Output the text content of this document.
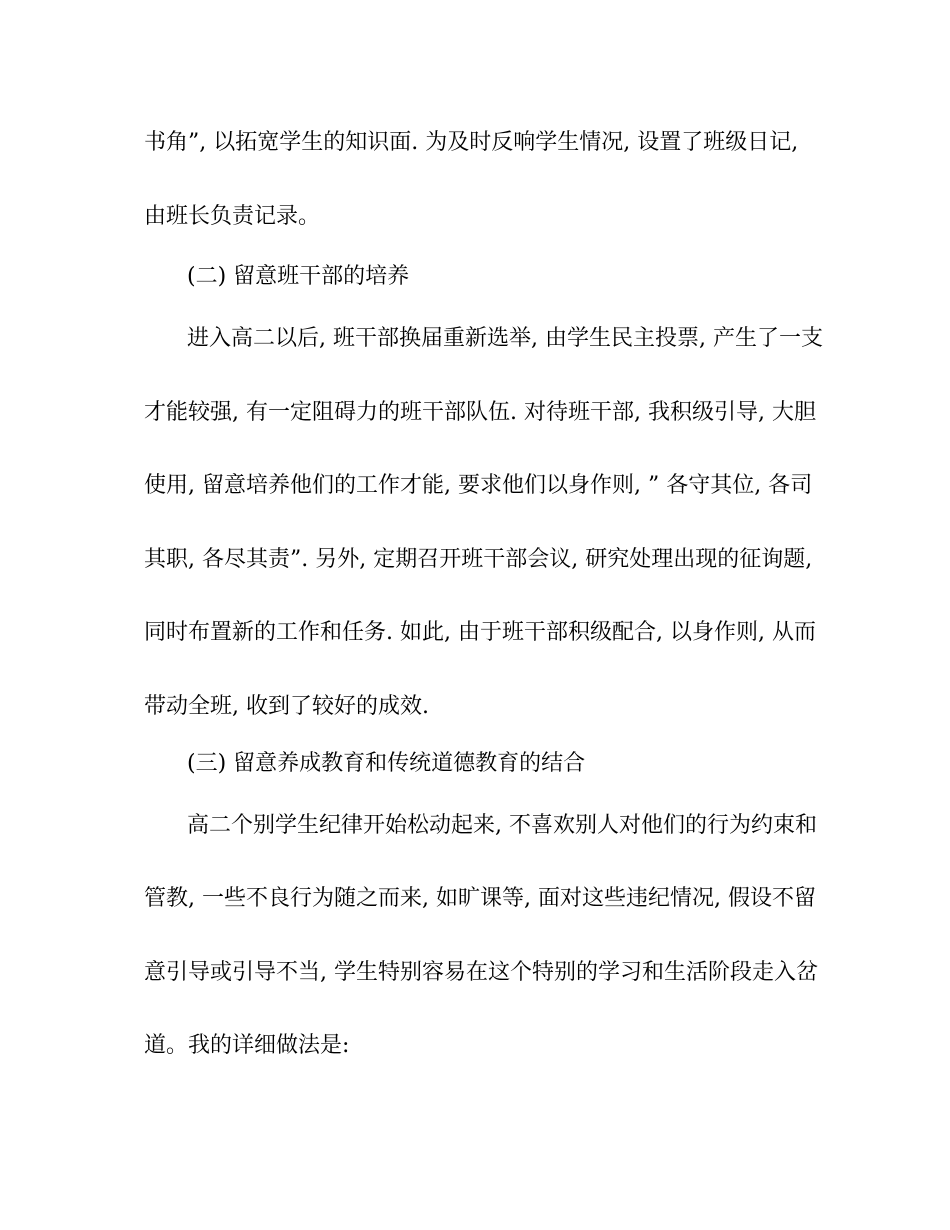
书角”, 以拓宽学生的知识面. 为及时反响学生情况, 设置了班级日记,
由班长负责记录。
(二) 留意班干部的培养
进入高二以后, 班干部换届重新选举, 由学生民主投票, 产生了一支
才能较强, 有一定阻碍力的班干部队伍. 对待班干部, 我积级引导, 大胆
使用, 留意培养他们的工作才能, 要求他们以身作则, ” 各守其位, 各司
其职, 各尽其责”. 另外, 定期召开班干部会议, 研究处理出现的征询题,
同时布置新的工作和任务. 如此, 由于班干部积级配合, 以身作则, 从而
带动全班, 收到了较好的成效.
(三) 留意养成教育和传统道德教育的结合
高二个别学生纪律开始松动起来, 不喜欢别人对他们的行为约束和
管教, 一些不良行为随之而来, 如旷课等, 面对这些违纪情况, 假设不留
意引导或引导不当, 学生特别容易在这个特别的学习和生活阶段走入岔
道。我的详细做法是:
